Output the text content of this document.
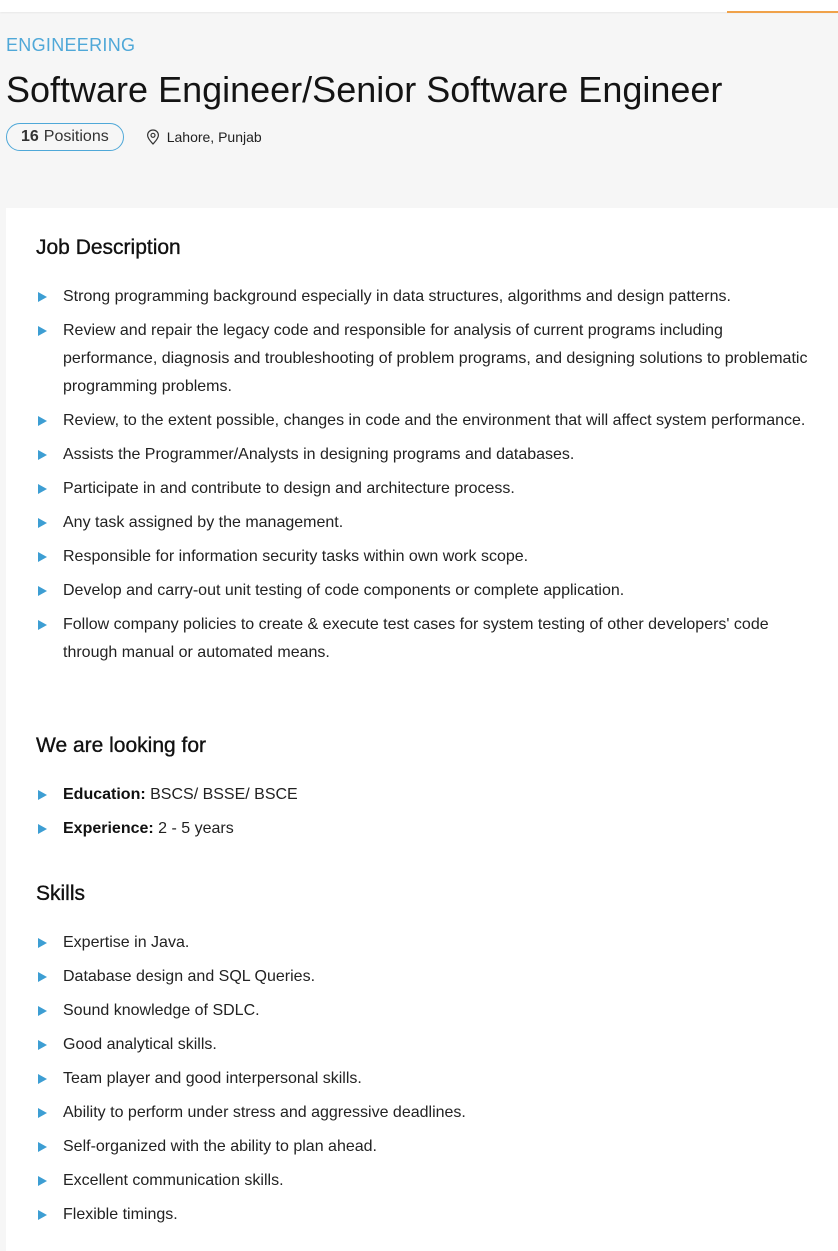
ENGINEERING

Software Engineer/Senior Software Engineer
16 Positions	Lahore, Punjab
Job Description
Strong programming background especially in data structures, algorithms and design patterns.
Review and repair the legacy code and responsible for analysis of current programs including performance, diagnosis and troubleshooting of problem programs, and designing solutions to problematic programming problems.
Review, to the extent possible, changes in code and the environment that will affect system performance.
Assists the Programmer/Analysts in designing programs and databases.
Participate in and contribute to design and architecture process.
Any task assigned by the management.
Responsible for information security tasks within own work scope.
Develop and carry-out unit testing of code components or complete application.
Follow company policies to create & execute test cases for system testing of other developers' code through manual or automated means.
We are looking for
Education: BSCS/ BSSE/ BSCE
Experience: 2 - 5 years
Skills
Expertise in Java.
Database design and SQL Queries.
Sound knowledge of SDLC.
Good analytical skills.
Team player and good interpersonal skills.
Ability to perform under stress and aggressive deadlines.
Self-organized with the ability to plan ahead.
Excellent communication skills.
Flexible timings.
